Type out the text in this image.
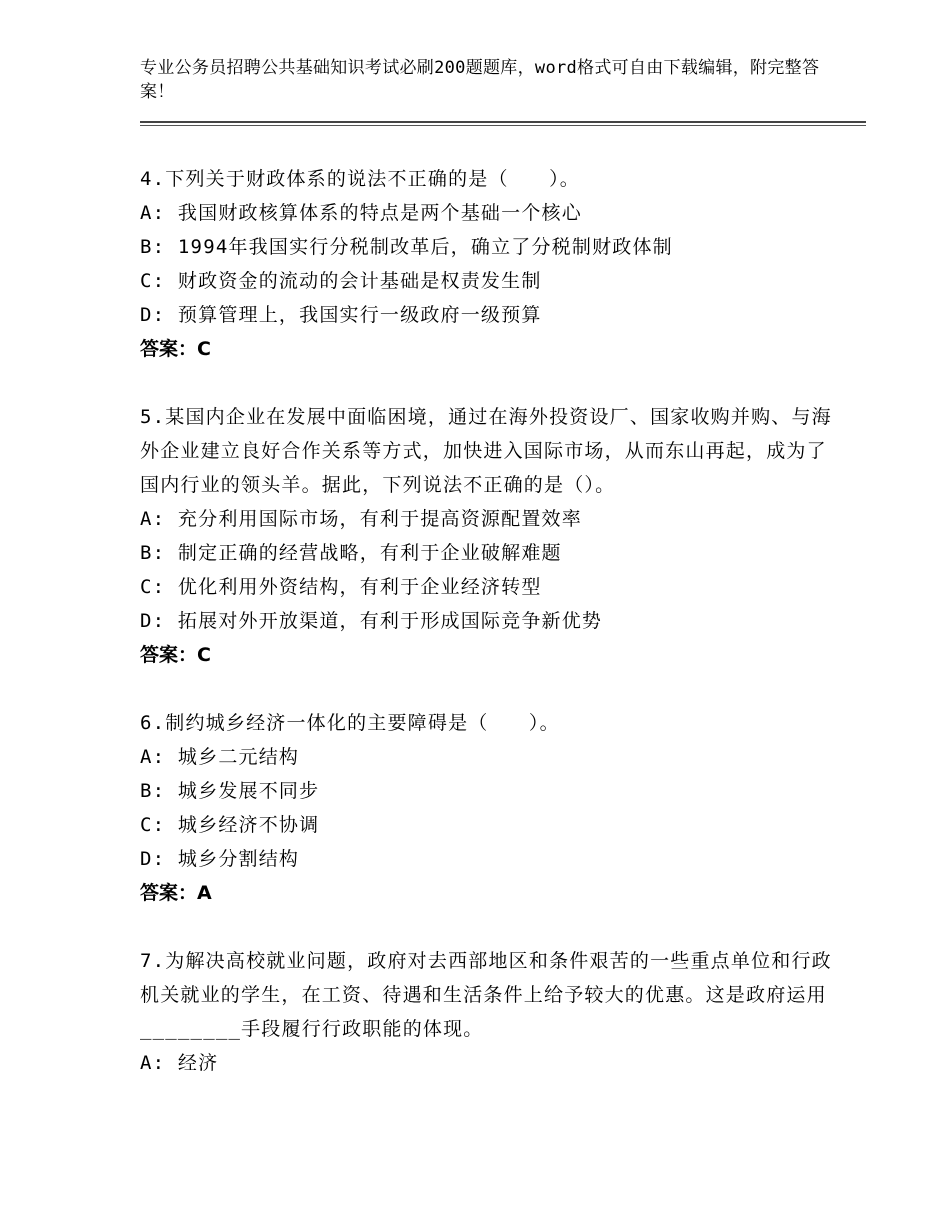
专业公务员招聘公共基础知识考试必刷200题题库，word格式可自由下载编辑，附完整答案！
4.下列关于财政体系的说法不正确的是（　　）。
A: 我国财政核算体系的特点是两个基础一个核心
B: 1994年我国实行分税制改革后，确立了分税制财政体制
C: 财政资金的流动的会计基础是权责发生制
D: 预算管理上，我国实行一级政府一级预算
答案：C
5.某国内企业在发展中面临困境，通过在海外投资设厂、国家收购并购、与海外企业建立良好合作关系等方式，加快进入国际市场，从而东山再起，成为了国内行业的领头羊。据此，下列说法不正确的是（）。
A: 充分利用国际市场，有利于提高资源配置效率
B: 制定正确的经营战略，有利于企业破解难题
C: 优化利用外资结构，有利于企业经济转型
D: 拓展对外开放渠道，有利于形成国际竞争新优势
答案：C
6.制约城乡经济一体化的主要障碍是（　　）。
A: 城乡二元结构
B: 城乡发展不同步
C: 城乡经济不协调
D: 城乡分割结构
答案：A
7.为解决高校就业问题，政府对去西部地区和条件艰苦的一些重点单位和行政机关就业的学生，在工资、待遇和生活条件上给予较大的优惠。这是政府运用________手段履行行政职能的体现。
A: 经济
